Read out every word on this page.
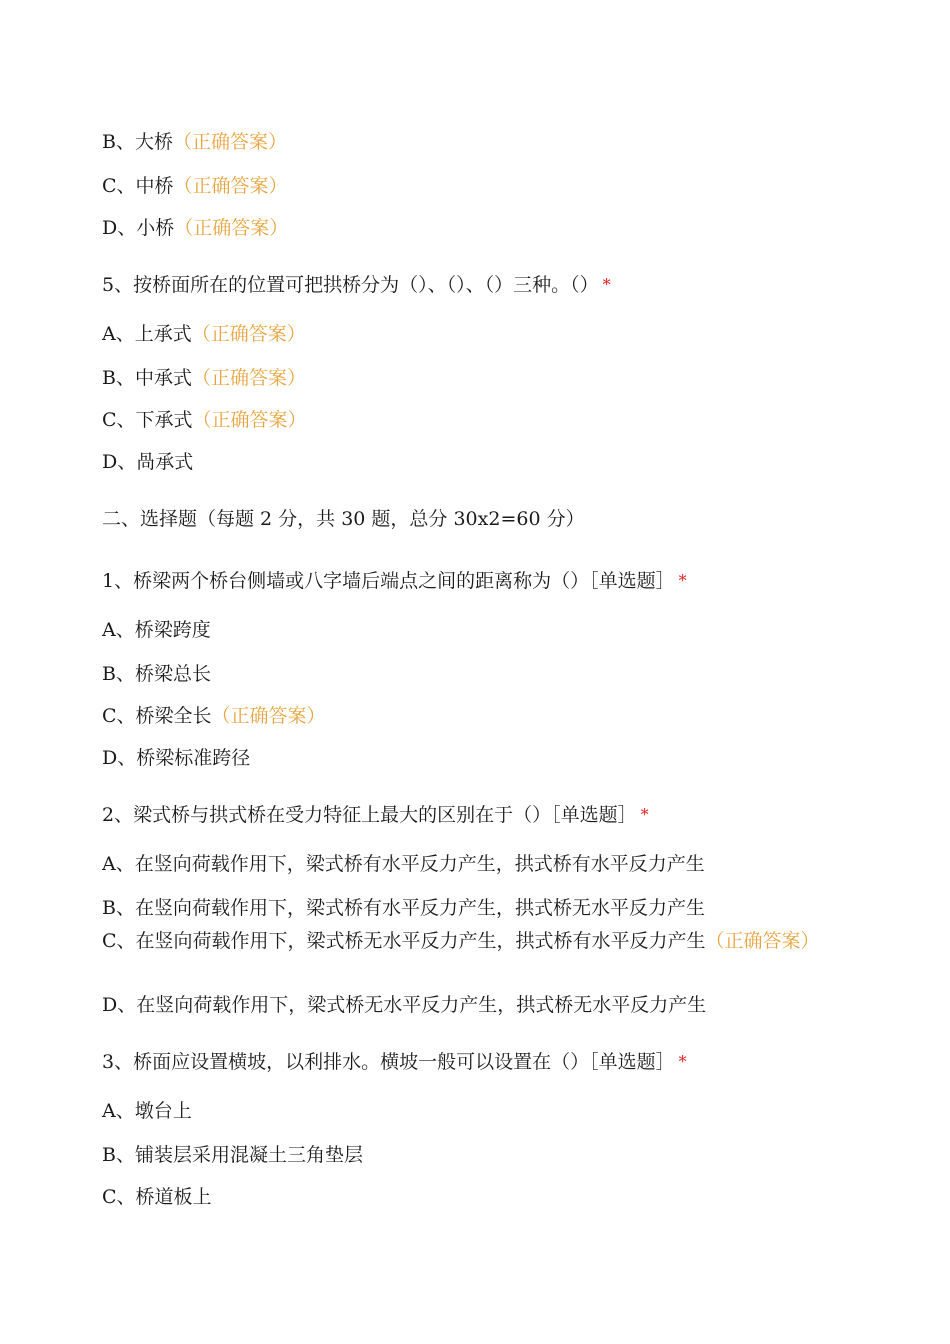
B、大桥（正确答案）
C、中桥（正确答案）
D、小桥（正确答案）
5、按桥面所在的位置可把拱桥分为（）、（）、（）三种。（） *
A、上承式（正确答案）
B、中承式（正确答案）
C、下承式（正确答案）
D、咼承式
二、选择题（每题 2 分，共 30 题，总分 30x2=60 分）
1、桥梁两个桥台侧墙或八字墙后端点之间的距离称为（）［单选题］ *
A、桥梁跨度
B、桥梁总长
C、桥梁全长（正确答案）
D、桥梁标准跨径
2、梁式桥与拱式桥在受力特征上最大的区别在于（）［单选题］ *
A、在竖向荷载作用下，梁式桥有水平反力产生，拱式桥有水平反力产生
B、在竖向荷载作用下，梁式桥有水平反力产生，拱式桥无水平反力产生
C、在竖向荷载作用下，梁式桥无水平反力产生，拱式桥有水平反力产生（正确答案）
D、在竖向荷载作用下，梁式桥无水平反力产生，拱式桥无水平反力产生
3、桥面应设置横坡，以利排水。横坡一般可以设置在（）［单选题］ *
A、墩台上
B、铺装层采用混凝土三角垫层
C、桥道板上
